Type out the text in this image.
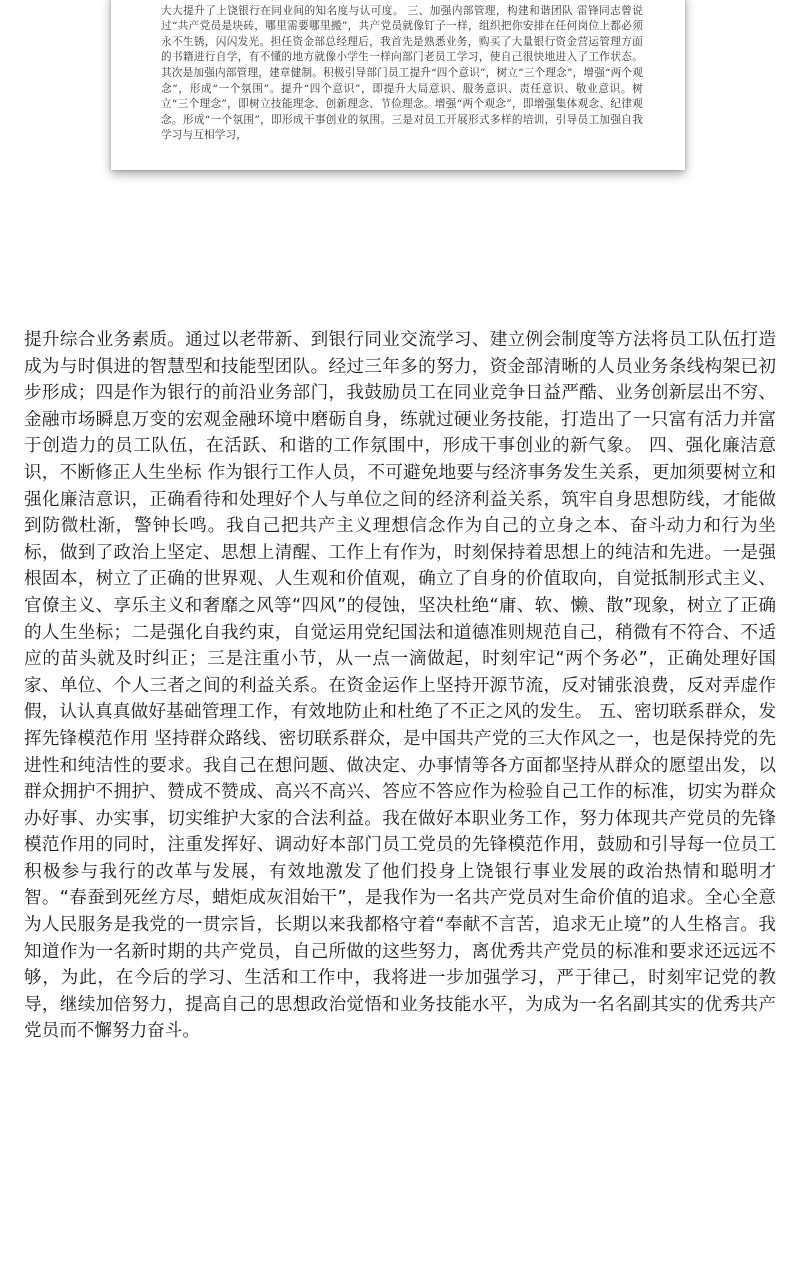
大大提升了上饶银行在同业间的知名度与认可度。 三、加强内部管理，构建和谐团队 雷锋同志曾说过“共产党员是块砖，哪里需要哪里搬”，共产党员就像钉子一样，组织把你安排在任何岗位上都必须永不生锈，闪闪发光。担任资金部总经理后，我首先是熟悉业务，购买了大量银行资金营运管理方面的书籍进行自学，有不懂的地方就像小学生一样向部门老员工学习，使自己很快地进入了工作状态。其次是加强内部管理，建章健制。积极引导部门员工提升“四个意识”，树立“三个理念”，增强“两个观念”，形成“一个氛围”。提升“四个意识”，即提升大局意识、服务意识、责任意识、敬业意识。树立“三个理念”，即树立技能理念、创新理念、节俭理念。增强“两个观念”，即增强集体观念、纪律观念。形成“一个氛围”，即形成干事创业的氛围。三是对员工开展形式多样的培训，引导员工加强自我学习与互相学习，

提升综合业务素质。通过以老带新、到银行同业交流学习、建立例会制度等方法将员工队伍打造成为与时俱进的智慧型和技能型团队。经过三年多的努力，资金部清晰的人员业务条线构架已初步形成；四是作为银行的前沿业务部门，我鼓励员工在同业竞争日益严酷、业务创新层出不穷、金融市场瞬息万变的宏观金融环境中磨砺自身，练就过硬业务技能，打造出了一只富有活力并富于创造力的员工队伍，在活跃、和谐的工作氛围中，形成干事创业的新气象。 四、强化廉洁意识，不断修正人生坐标 作为银行工作人员，不可避免地要与经济事务发生关系，更加须要树立和强化廉洁意识，正确看待和处理好个人与单位之间的经济利益关系，筑牢自身思想防线，才能做到防微杜渐，警钟长鸣。我自己把共产主义理想信念作为自己的立身之本、奋斗动力和行为坐标，做到了政治上坚定、思想上清醒、工作上有作为，时刻保持着思想上的纯洁和先进。一是强根固本，树立了正确的世界观、人生观和价值观，确立了自身的价值取向，自觉抵制形式主义、官僚主义、享乐主义和奢靡之风等“四风”的侵蚀，坚决杜绝“庸、软、懒、散”现象，树立了正确的人生坐标；二是强化自我约束，自觉运用党纪国法和道德准则规范自己，稍微有不符合、不适应的苗头就及时纠正；三是注重小节，从一点一滴做起，时刻牢记“两个务必”，正确处理好国家、单位、个人三者之间的利益关系。在资金运作上坚持开源节流，反对铺张浪费，反对弄虚作假，认认真真做好基础管理工作，有效地防止和杜绝了不正之风的发生。 五、密切联系群众，发挥先锋模范作用 坚持群众路线、密切联系群众，是中国共产党的三大作风之一，也是保持党的先进性和纯洁性的要求。我自己在想问题、做决定、办事情等各方面都坚持从群众的愿望出发，以群众拥护不拥护、赞成不赞成、高兴不高兴、答应不答应作为检验自己工作的标准，切实为群众办好事、办实事，切实维护大家的合法利益。我在做好本职业务工作，努力体现共产党员的先锋模范作用的同时，注重发挥好、调动好本部门员工党员的先锋模范作用，鼓励和引导每一位员工积极参与我行的改革与发展，有效地激发了他们投身上饶银行事业发展的政治热情和聪明才智。“春蚕到死丝方尽，蜡炬成灰泪始干”，是我作为一名共产党员对生命价值的追求。全心全意为人民服务是我党的一贯宗旨，长期以来我都格守着“奉献不言苦，追求无止境”的人生格言。我知道作为一名新时期的共产党员，自己所做的这些努力，离优秀共产党员的标准和要求还远远不够，为此，在今后的学习、生活和工作中，我将进一步加强学习，严于律己，时刻牢记党的教导，继续加倍努力，提高自己的思想政治觉悟和业务技能水平，为成为一名名副其实的优秀共产党员而不懈努力奋斗。
